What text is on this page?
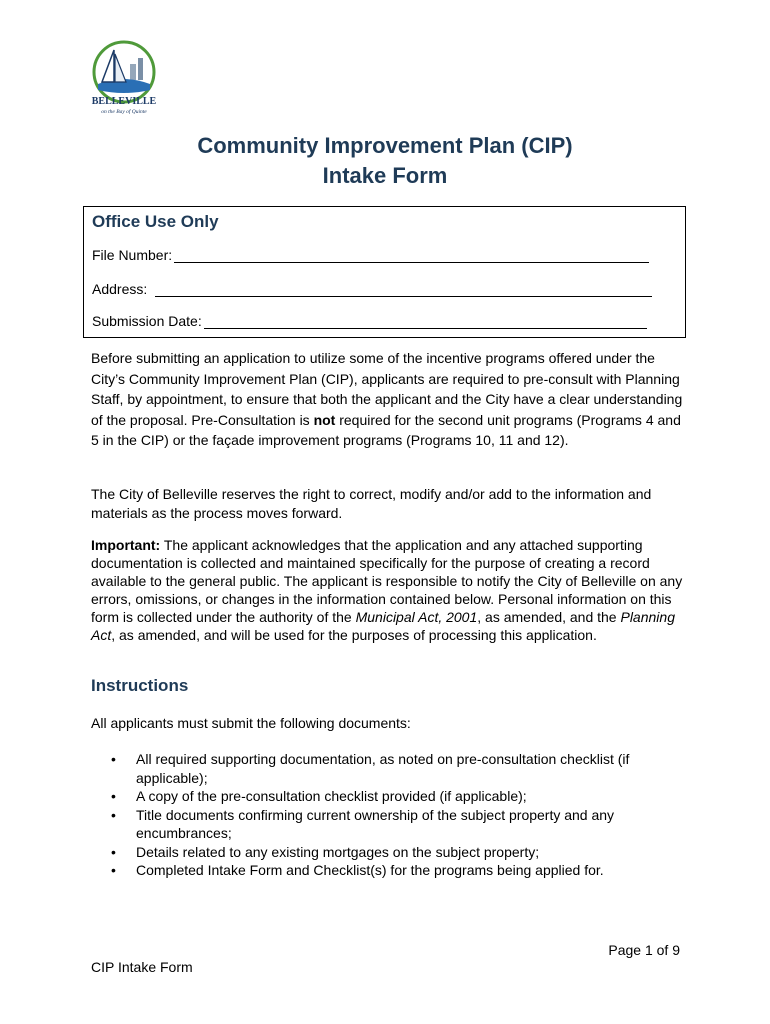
BELLEVILLE
on the Bay of Quinte
Community Improvement Plan (CIP)
Intake Form
Office Use Only
File Number:
Address:
Submission Date:
Before submitting an application to utilize some of the incentive programs offered under the City’s Community Improvement Plan (CIP), applicants are required to pre-consult with Planning Staff, by appointment, to ensure that both the applicant and the City have a clear understanding of the proposal. Pre-Consultation is not required for the second unit programs (Programs 4 and 5 in the CIP) or the façade improvement programs (Programs 10, 11 and 12).
The City of Belleville reserves the right to correct, modify and/or add to the information and materials as the process moves forward.
Important: The applicant acknowledges that the application and any attached supporting documentation is collected and maintained specifically for the purpose of creating a record available to the general public. The applicant is responsible to notify the City of Belleville on any errors, omissions, or changes in the information contained below. Personal information on this form is collected under the authority of the Municipal Act, 2001, as amended, and the Planning Act, as amended, and will be used for the purposes of processing this application.
Instructions
All applicants must submit the following documents:
• All required supporting documentation, as noted on pre-consultation checklist (if applicable);
• A copy of the pre-consultation checklist provided (if applicable);
• Title documents confirming current ownership of the subject property and any encumbrances;
• Details related to any existing mortgages on the subject property;
• Completed Intake Form and Checklist(s) for the programs being applied for.
Page 1 of 9
CIP Intake Form
